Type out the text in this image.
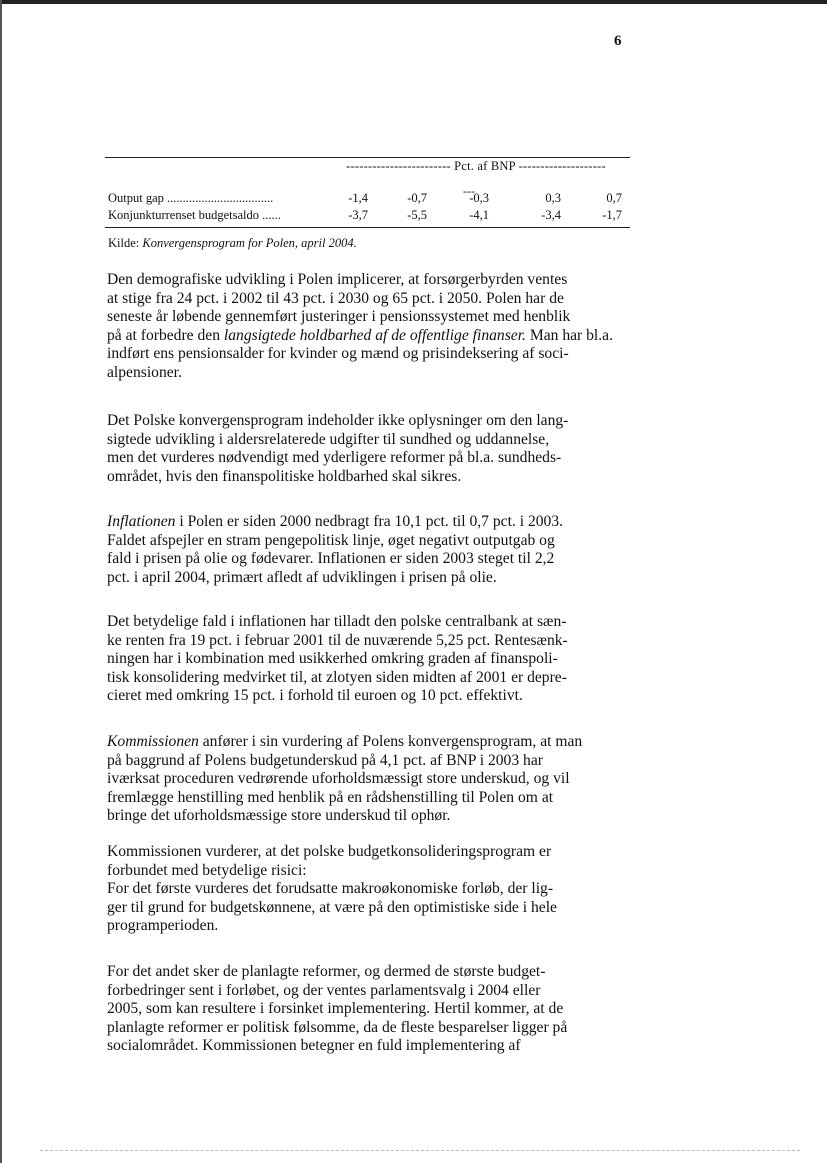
6
------------------------ Pct. af BNP --------------------
---
Output gap ..................................	-1,4	-0,7	-0,3	0,3	0,7
Konjunkturrenset budgetsaldo ......	-3,7	-5,5	-4,1	-3,4	-1,7
Kilde: Konvergensprogram for Polen, april 2004.
Den demografiske udvikling i Polen implicerer, at forsørgerbyrden ventes
at stige fra 24 pct. i 2002 til 43 pct. i 2030 og 65 pct. i 2050. Polen har de
seneste år løbende gennemført justeringer i pensionssystemet med henblik
på at forbedre den langsigtede holdbarhed af de offentlige finanser. Man har bl.a.
indført ens pensionsalder for kvinder og mænd og prisindeksering af soci-
alpensioner.
Det Polske konvergensprogram indeholder ikke oplysninger om den lang-
sigtede udvikling i aldersrelaterede udgifter til sundhed og uddannelse,
men det vurderes nødvendigt med yderligere reformer på bl.a. sundheds-
området, hvis den finanspolitiske holdbarhed skal sikres.
Inflationen i Polen er siden 2000 nedbragt fra 10,1 pct. til 0,7 pct. i 2003.
Faldet afspejler en stram pengepolitisk linje, øget negativt outputgab og
fald i prisen på olie og fødevarer. Inflationen er siden 2003 steget til 2,2
pct. i april 2004, primært afledt af udviklingen i prisen på olie.
Det betydelige fald i inflationen har tilladt den polske centralbank at sæn-
ke renten fra 19 pct. i februar 2001 til de nuværende 5,25 pct. Rentesænk-
ningen har i kombination med usikkerhed omkring graden af finanspoli-
tisk konsolidering medvirket til, at zlotyen siden midten af 2001 er depre-
cieret med omkring 15 pct. i forhold til euroen og 10 pct. effektivt.
Kommissionen anfører i sin vurdering af Polens konvergensprogram, at man
på baggrund af Polens budgetunderskud på 4,1 pct. af BNP i 2003 har
iværksat proceduren vedrørende uforholdsmæssigt store underskud, og vil
fremlægge henstilling med henblik på en rådshenstilling til Polen om at
bringe det uforholdsmæssige store underskud til ophør.
Kommissionen vurderer, at det polske budgetkonsolideringsprogram er
forbundet med betydelige risici:
For det første vurderes det forudsatte makroøkonomiske forløb, der lig-
ger til grund for budgetskønnene, at være på den optimistiske side i hele
programperioden.
For det andet sker de planlagte reformer, og dermed de største budget-
forbedringer sent i forløbet, og der ventes parlamentsvalg i 2004 eller
2005, som kan resultere i forsinket implementering. Hertil kommer, at de
planlagte reformer er politisk følsomme, da de fleste besparelser ligger på
socialområdet. Kommissionen betegner en fuld implementering af
